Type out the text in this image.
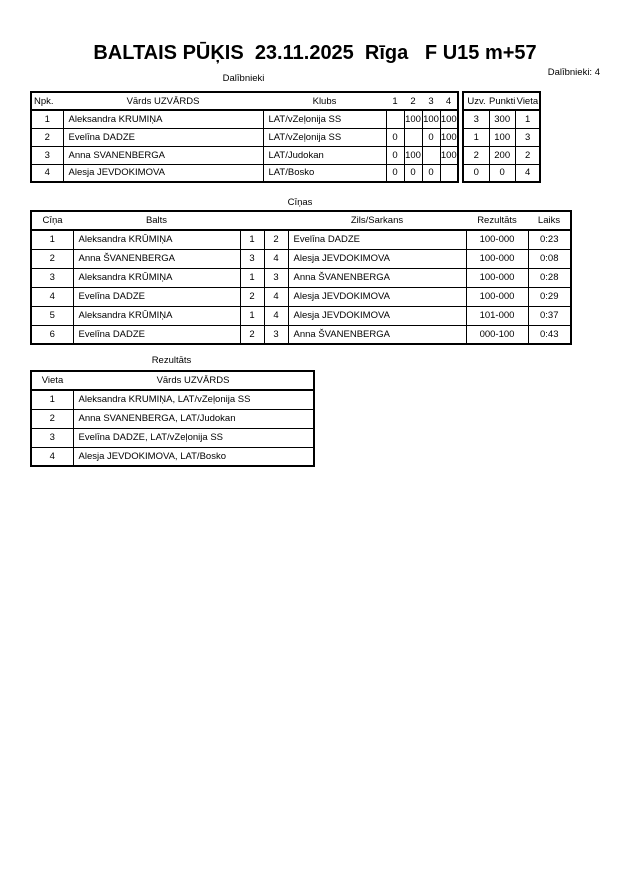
BALTAIS PŪĶIS  23.11.2025  Rīga   F U15 m+57
Dalībnieki
Dalībnieki: 4
Npk.	Vārds UZVĀRDS	Klubs	1	2	3	4
1	Aleksandra KRUMIŅA	LAT/vZeļonija SS		100	100	100
2	Evelīna DADZE	LAT/vZeļonija SS	0		0	100
3	Anna SVANENBERGA	LAT/Judokan	0	100		100
4	Alesja JEVDOKIMOVA	LAT/Bosko	0	0	0	
Uzv.	Punkti	Vieta
3	300	1
1	100	3
2	200	2
0	0	4
Cīņas
Cīņa	Balts			Zils/Sarkans	Rezultāts	Laiks
1	Aleksandra KRŪMIŅA	1	2	Evelīna DADZE	100-000	0:23
2	Anna ŠVANENBERGA	3	4	Alesja JEVDOKIMOVA	100-000	0:08
3	Aleksandra KRŪMIŅA	1	3	Anna ŠVANENBERGA	100-000	0:28
4	Evelīna DADZE	2	4	Alesja JEVDOKIMOVA	100-000	0:29
5	Aleksandra KRŪMIŅA	1	4	Alesja JEVDOKIMOVA	101-000	0:37
6	Evelīna DADZE	2	3	Anna ŠVANENBERGA	000-100	0:43
Rezultāts
Vieta	Vārds UZVĀRDS
1	Aleksandra KRUMIŅA, LAT/vZeļonija SS
2	Anna SVANENBERGA, LAT/Judokan
3	Evelīna DADZE, LAT/vZeļonija SS
4	Alesja JEVDOKIMOVA, LAT/Bosko
